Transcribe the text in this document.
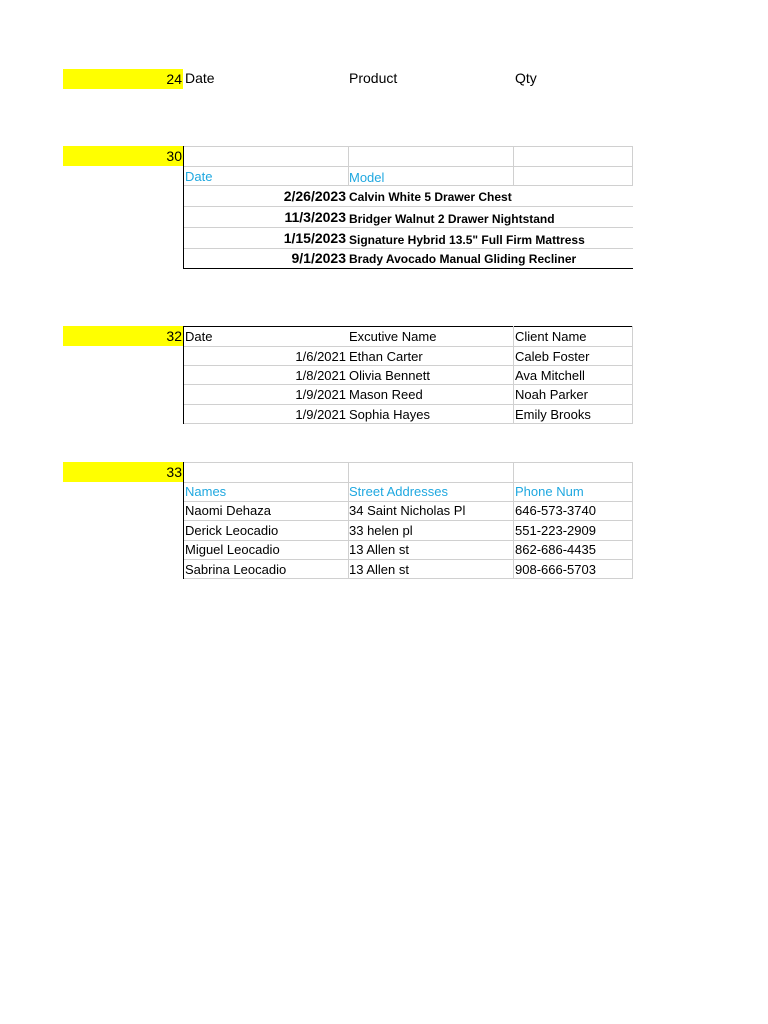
24 Date	Product	Qty
30
Date	Model
2/26/2023 Calvin White 5 Drawer Chest
11/3/2023 Bridger Walnut 2 Drawer Nightstand
1/15/2023 Signature Hybrid 13.5" Full Firm Mattress
9/1/2023 Brady Avocado Manual Gliding Recliner
32 Date	Excutive Name	Client Name
1/6/2021 Ethan Carter	Caleb Foster
1/8/2021 Olivia Bennett	Ava Mitchell
1/9/2021 Mason Reed	Noah Parker
1/9/2021 Sophia Hayes	Emily Brooks
33
Names	Street Addresses	Phone Num
Naomi Dehaza	34 Saint Nicholas Pl	646-573-3740
Derick Leocadio	33 helen pl	551-223-2909
Miguel Leocadio	13 Allen st	862-686-4435
Sabrina Leocadio	13 Allen st	908-666-5703
